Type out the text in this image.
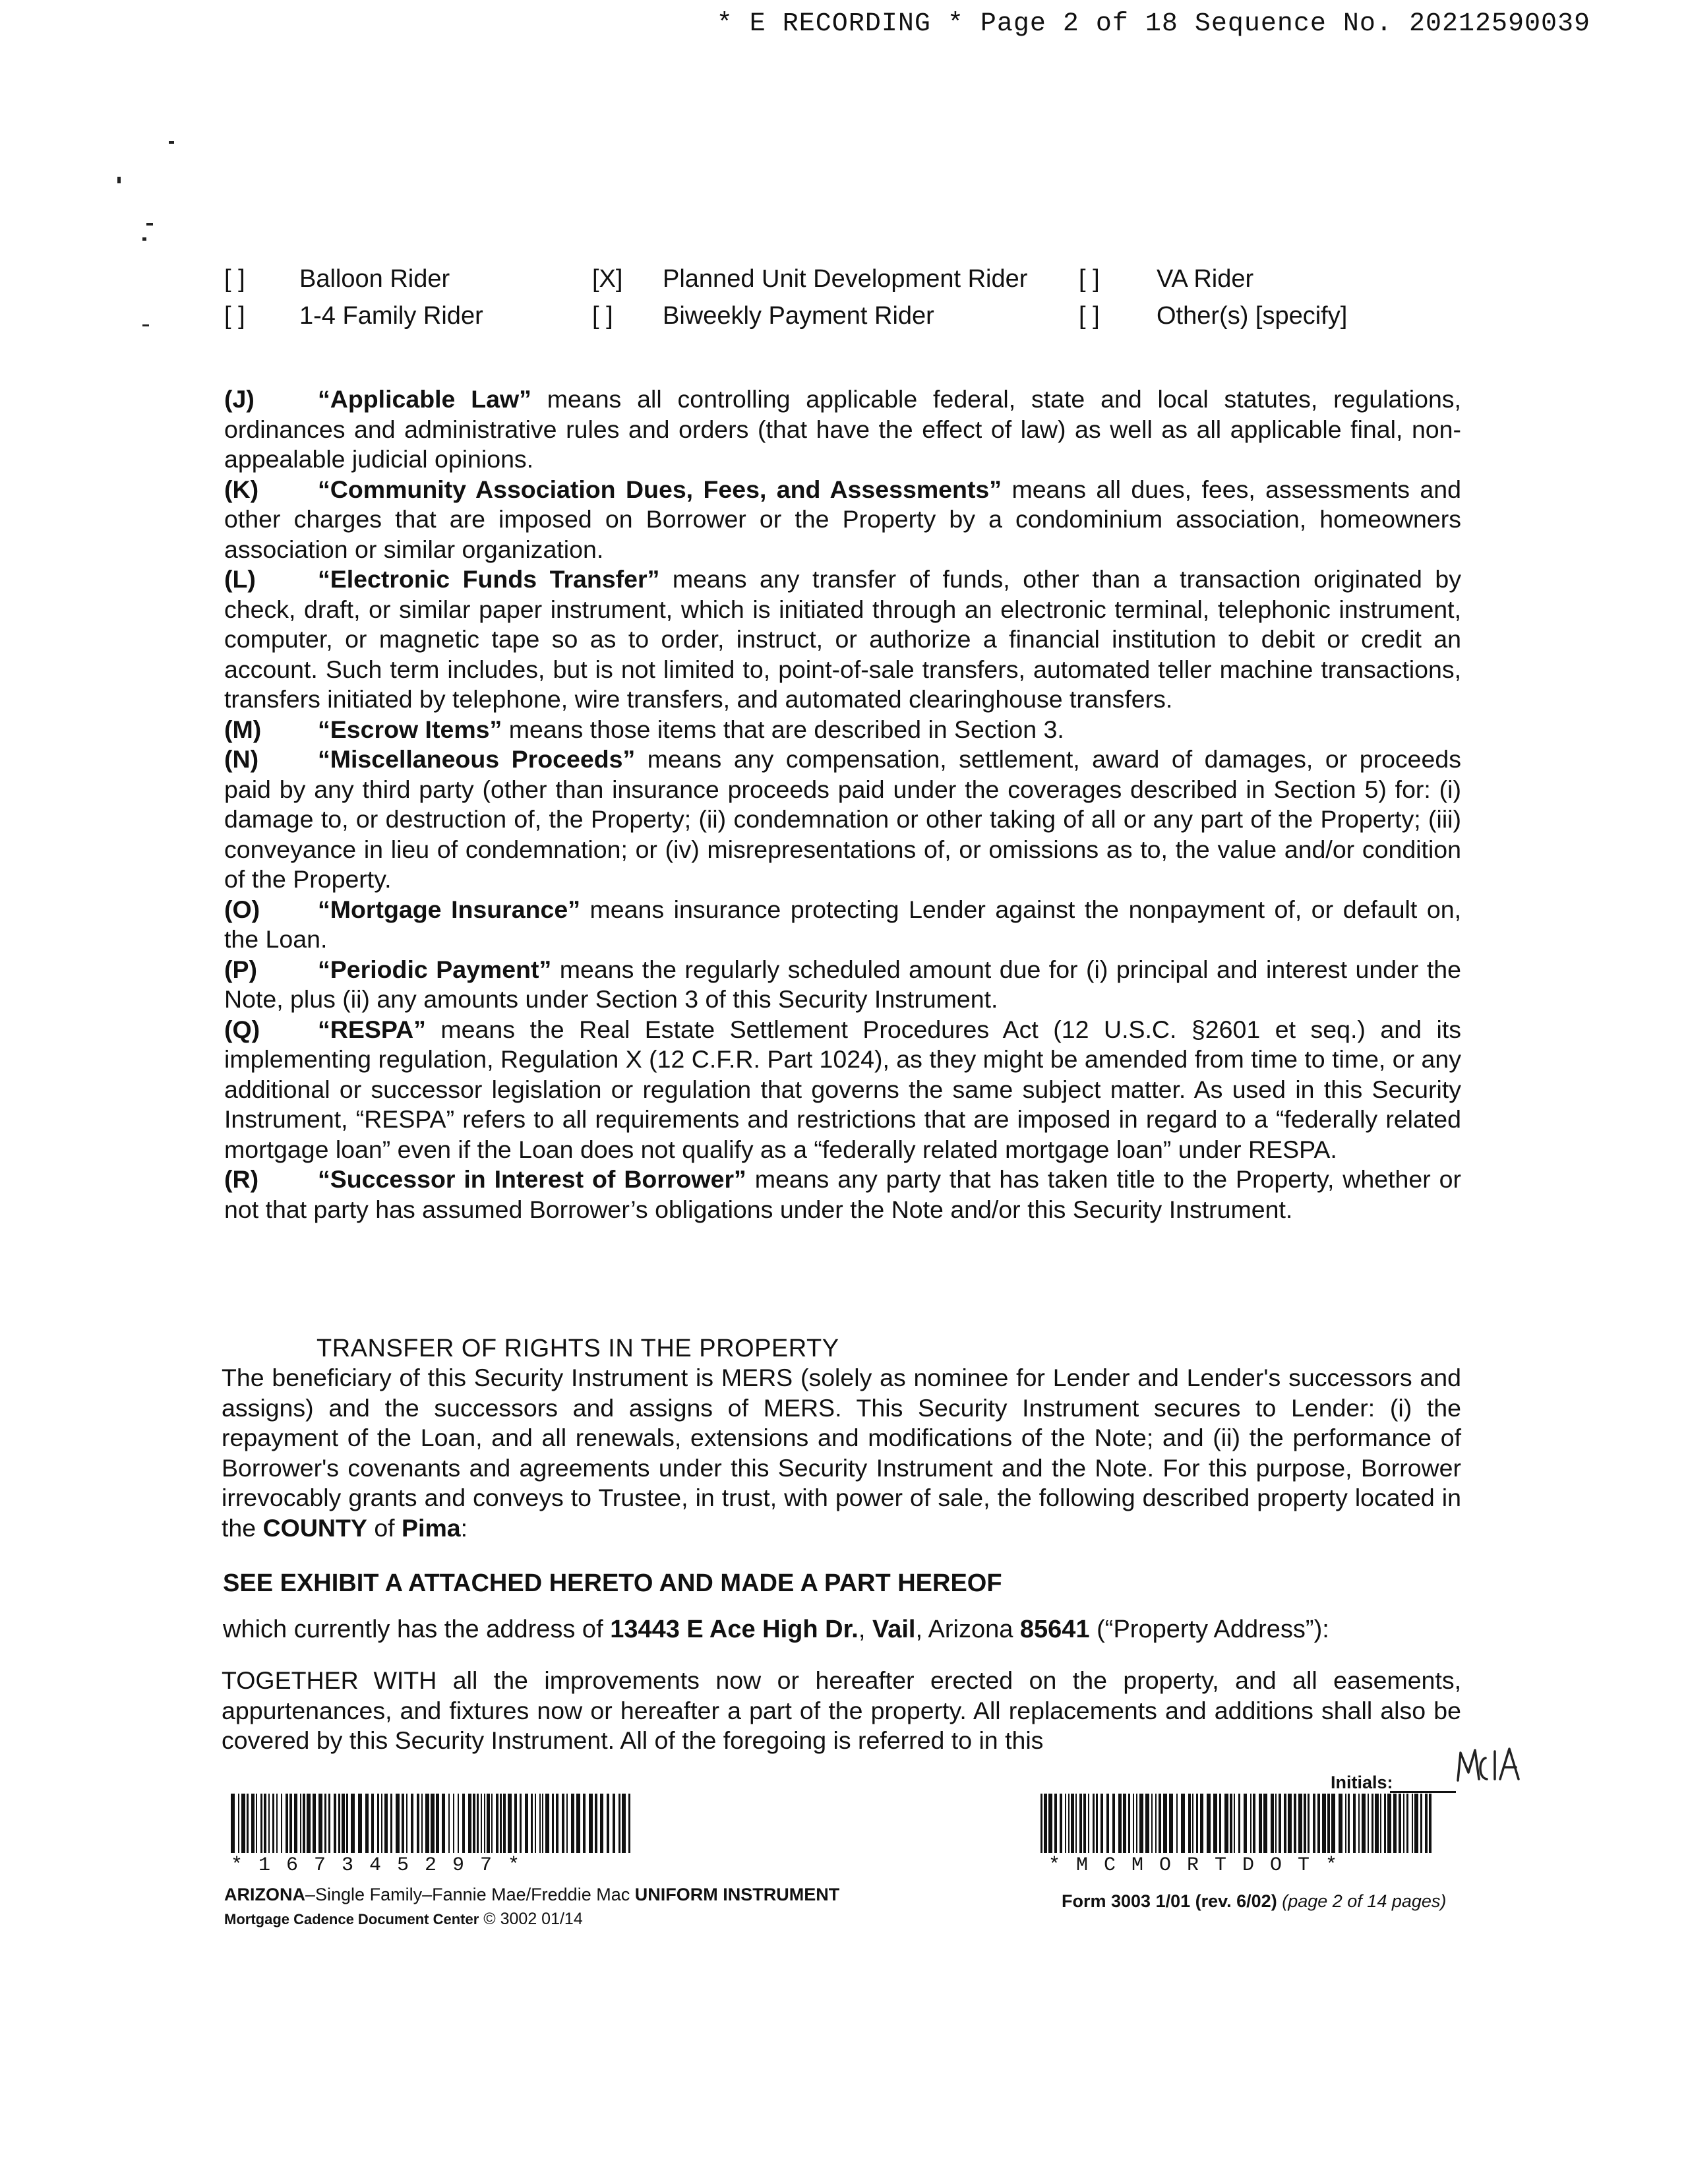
* E RECORDING * Page 2 of 18 Sequence No. 20212590039
[ ] Balloon Rider	[X] Planned Unit Development Rider [ ] VA Rider
[ ] 1-4 Family Rider	[ ] Biweekly Payment Rider	[ ] Other(s) [specify]

(J)	“Applicable Law” means all controlling applicable federal, state and local statutes, regulations, ordinances and administrative rules and orders (that have the effect of law) as well as all applicable final, non-appealable judicial opinions.

(K) “Community Association Dues, Fees, and Assessments” means all dues, fees, assessments and other charges that are imposed on Borrower or the Property by a condominium association, homeowners association or similar organization.

(L)	“Electronic Funds Transfer” means any transfer of funds, other than a transaction originated by check, draft, or similar paper instrument, which is initiated through an electronic terminal, telephonic instrument, computer, or magnetic tape so as to order, instruct, or authorize a financial institution to debit or credit an account. Such term includes, but is not limited to, point-of-sale transfers, automated teller machine transactions, transfers initiated by telephone, wire transfers, and automated clearinghouse transfers.

(M) “Escrow Items” means those items that are described in Section 3.

(N) “Miscellaneous Proceeds” means any compensation, settlement, award of damages, or proceeds paid by any third party (other than insurance proceeds paid under the coverages described in Section 5) for: (i) damage to, or destruction of, the Property; (ii) condemnation or other taking of all or any part of the Property; (iii) conveyance in lieu of condemnation; or (iv) misrepresentations of, or omissions as to, the value and/or condition of the Property.

(O) “Mortgage Insurance” means insurance protecting Lender against the nonpayment of, or default on, the Loan.

(P) “Periodic Payment” means the regularly scheduled amount due for (i) principal and interest under the Note, plus (ii) any amounts under Section 3 of this Security Instrument.

(Q) “RESPA” means the Real Estate Settlement Procedures Act (12 U.S.C. §2601 et seq.) and its implementing regulation, Regulation X (12 C.F.R. Part 1024), as they might be amended from time to time, or any additional or successor legislation or regulation that governs the same subject matter. As used in this Security Instrument, “RESPA” refers to all requirements and restrictions that are imposed in regard to a “federally related mortgage loan” even if the Loan does not qualify as a “federally related mortgage loan” under RESPA.

(R) “Successor in Interest of Borrower” means any party that has taken title to the Property, whether or not that party has assumed Borrower’s obligations under the Note and/or this Security Instrument.

TRANSFER OF RIGHTS IN THE PROPERTY

The beneficiary of this Security Instrument is MERS (solely as nominee for Lender and Lender's successors and assigns) and the successors and assigns of MERS. This Security Instrument secures to Lender: (i) the repayment of the Loan, and all renewals, extensions and modifications of the Note; and (ii) the performance of Borrower's covenants and agreements under this Security Instrument and the Note. For this purpose, Borrower irrevocably grants and conveys to Trustee, in trust, with power of sale, the following described property located in the COUNTY of Pima:

SEE EXHIBIT A ATTACHED HERETO AND MADE A PART HEREOF
which currently has the address of 13443 E Ace High Dr., Vail, Arizona 85641 (“Property Address”):

TOGETHER WITH all the improvements now or hereafter erected on the property, and all easements, appurtenances, and fixtures now or hereafter a part of the property. All replacements and additions shall also be covered by this Security Instrument. All of the foregoing is referred to in this

Initials:
*167345297*	*MCMORTDOT*
ARIZONA–Single Family–Fannie Mae/Freddie Mac UNIFORM INSTRUMENT
Mortgage Cadence Document Center © 3002 01/14
Form 3003 1/01 (rev. 6/02) (page 2 of 14 pages)
